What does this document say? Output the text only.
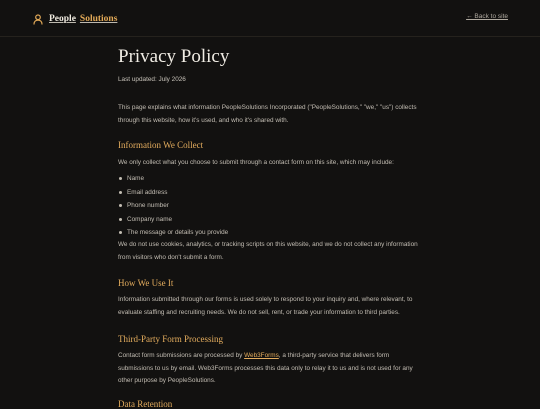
People Solutions	← Back to site
Privacy Policy
Last updated: July 2026

This page explains what information PeopleSolutions Incorporated ("PeopleSolutions," "we," "us") collects through this website, how it's used, and who it's shared with.

Information We Collect

We only collect what you choose to submit through a contact form on this site, which may include:

Name
Email address
Phone number
Company name
The message or details you provide

We do not use cookies, analytics, or tracking scripts on this website, and we do not collect any information from visitors who don't submit a form.

How We Use It

Information submitted through our forms is used solely to respond to your inquiry and, where relevant, to evaluate staffing and recruiting needs. We do not sell, rent, or trade your information to third parties.

Third-Party Form Processing

Contact form submissions are processed by Web3Forms, a third-party service that delivers form submissions to us by email. Web3Forms processes this data only to relay it to us and is not used for any other purpose by PeopleSolutions.

Data Retention
